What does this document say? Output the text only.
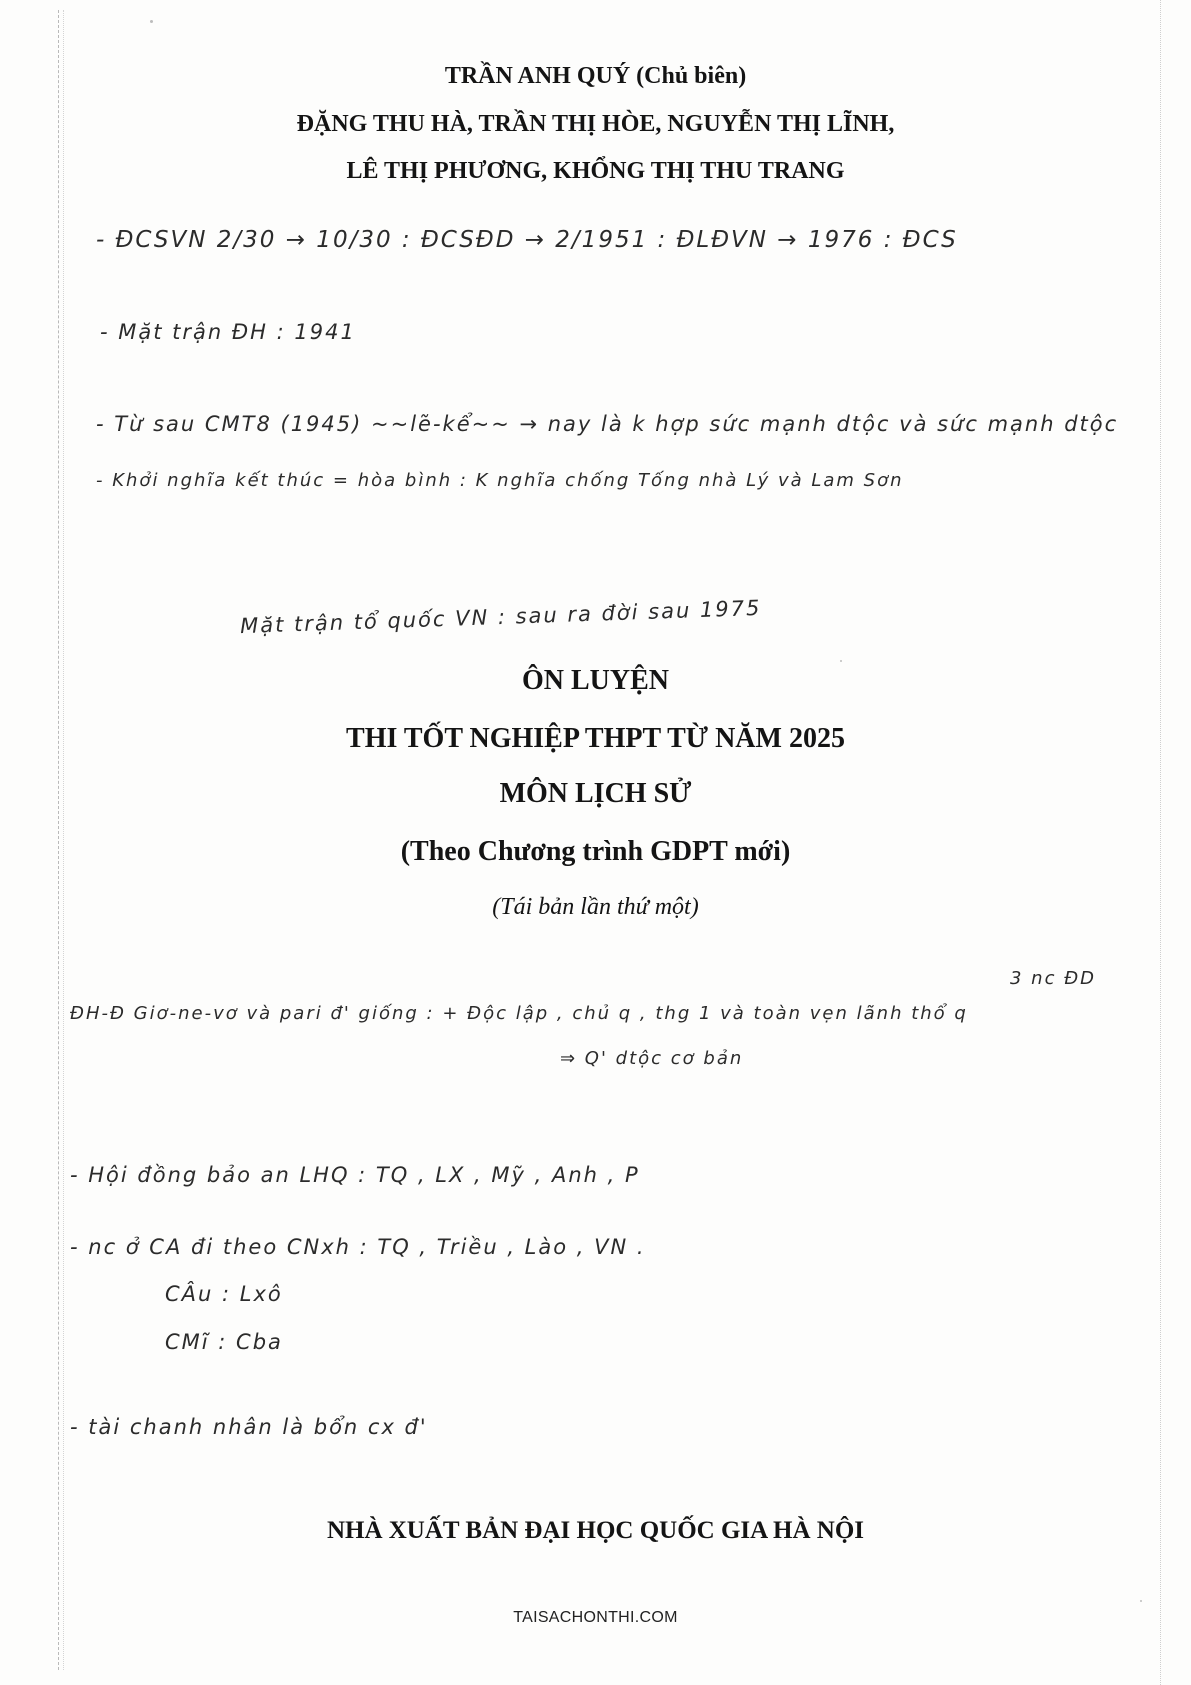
TRẦN ANH QUÝ (Chủ biên)
ĐẶNG THU HÀ, TRẦN THỊ HÒE, NGUYỄN THỊ LĨNH,
LÊ THỊ PHƯƠNG, KHỔNG THỊ THU TRANG
- ĐCSVN 2/30 → 10/30 : ĐCSĐD → 2/1951 : ĐLĐVN → 1976 : ĐCS
- Mặt trận ĐH : 1941
- Từ sau CMT8 (1945) ~~lẽ-kể~~ → nay là k hợp sức mạnh dtộc và sức mạnh dtộc
- Khởi nghĩa kết thúc = hòa bình : K nghĩa chống Tống nhà Lý và Lam Sơn
Mặt trận tổ quốc VN : sau ra đời sau 1975
ÔN LUYỆN
THI TỐT NGHIỆP THPT TỪ NĂM 2025
MÔN LỊCH SỬ
(Theo Chương trình GDPT mới)
(Tái bản lần thứ một)
3 nc ĐD
ĐH-Đ Giơ-ne-vơ và pari đ' giống : + Độc lập , chủ q , thg 1 và toàn vẹn lãnh thổ q
⇒ Q' dtộc cơ bản
- Hội đồng bảo an LHQ : TQ , LX , Mỹ , Anh , P
- nc ở CA đi theo CNxh : TQ , Triều , Lào , VN .
CÂu : Lxô
CMĩ : Cba
- tài chanh nhân là bổn cx đ'
NHÀ XUẤT BẢN ĐẠI HỌC QUỐC GIA HÀ NỘI
TAISACHONTHI.COM
